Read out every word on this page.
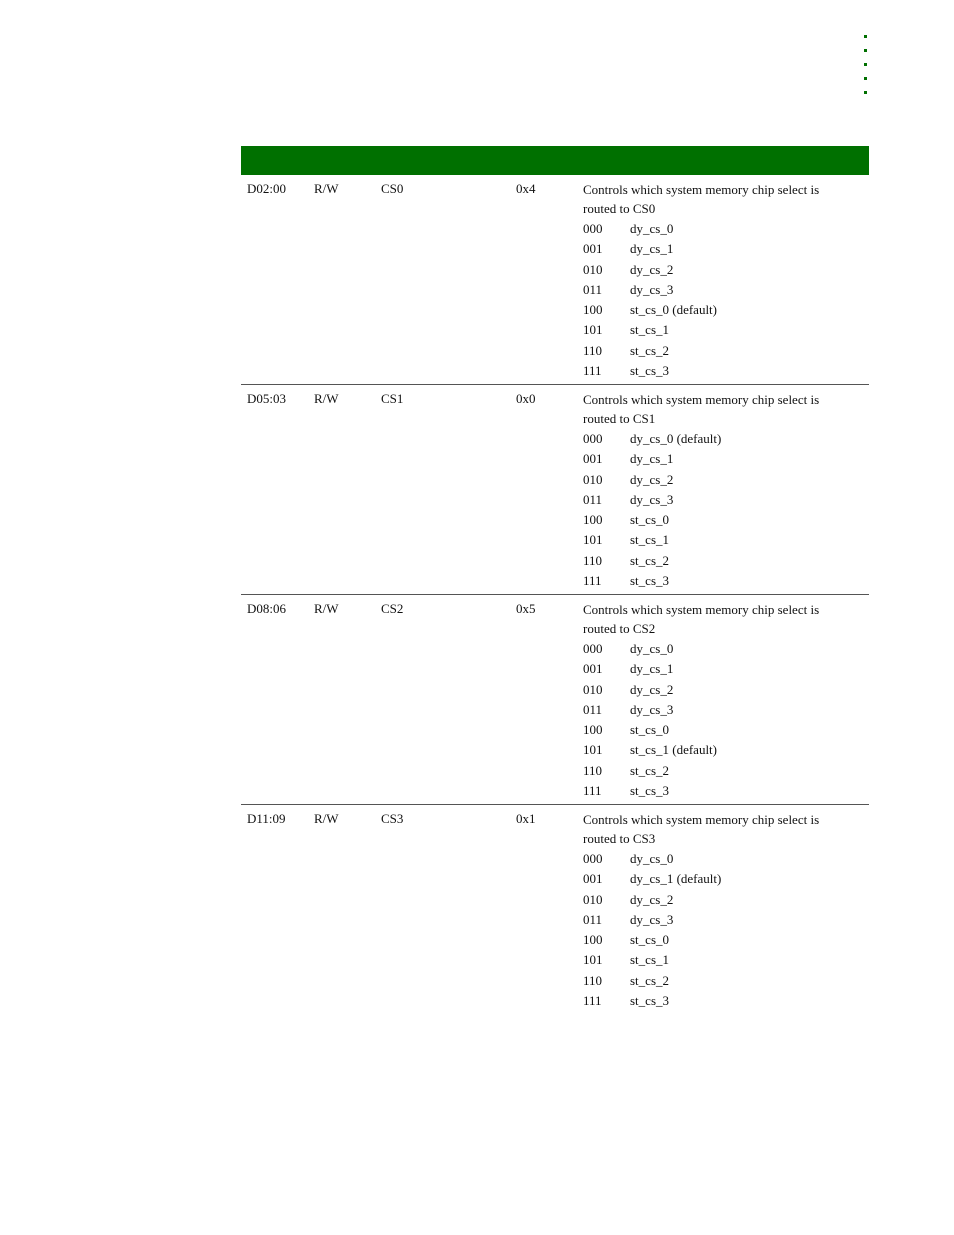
D02:00 R/W	CS0	0x4	Controls which system memory chip select is routed to CS0
000 dy_cs_0
001 dy_cs_1
010 dy_cs_2
011 dy_cs_3
100 st_cs_0 (default)
101 st_cs_1
110 st_cs_2
111 st_cs_3
D05:03 R/W	CS1	0x0	Controls which system memory chip select is routed to CS1
000 dy_cs_0 (default)
001 dy_cs_1
010 dy_cs_2
011 dy_cs_3
100 st_cs_0
101 st_cs_1
110 st_cs_2
111 st_cs_3
D08:06 R/W	CS2	0x5	Controls which system memory chip select is routed to CS2
000 dy_cs_0
001 dy_cs_1
010 dy_cs_2
011 dy_cs_3
100 st_cs_0
101 st_cs_1 (default)
110 st_cs_2
111 st_cs_3
D11:09 R/W	CS3	0x1	Controls which system memory chip select is routed to CS3
000 dy_cs_0
001 dy_cs_1 (default)
010 dy_cs_2
011 dy_cs_3
100 st_cs_0
101 st_cs_1
110 st_cs_2
111 st_cs_3
